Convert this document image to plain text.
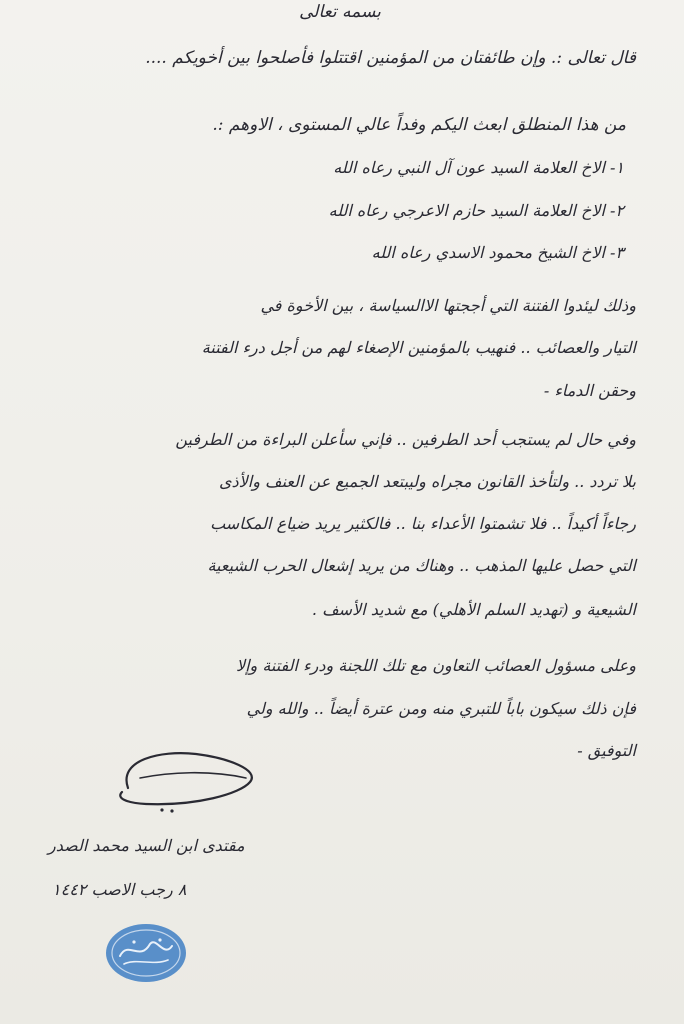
بسمه تعالى
قال تعالى :. وإن طائفتان من المؤمنين اقتتلوا فأصلحوا بين أخويكم ....
من هذا المنطلق ابعث اليكم وفداً عالي المستوى ، الاوهم :.
١- الاخ العلامة السيد عون آل النبي رعاه الله
٢- الاخ العلامة السيد حازم الاعرجي رعاه الله
٣- الاخ الشيخ محمود الاسدي رعاه الله
وذلك ليئدوا الفتنة التي أججتها الاالسياسة ، بين الأخوة في
التيار والعصائب .. فنهيب بالمؤمنين الإصغاء لهم من أجل درء الفتنة
وحقن الدماء -
وفي حال لم يستجب أحد الطرفين .. فإني سأعلن البراءة من الطرفين
بلا تردد .. ولتأخذ القانون مجراه وليبتعد الجميع عن العنف والأذى
رجاءاً أكيداً .. فلا تشمتوا الأعداء بنا .. فالكثير يريد ضياع المكاسب
التي حصل عليها المذهب .. وهناك من يريد إشعال الحرب الشيعية
الشيعية و (تهديد السلم الأهلي) مع شديد الأسف .
وعلى مسؤول العصائب التعاون مع تلك اللجنة ودرء الفتنة وإلا
فإن ذلك سيكون باباً للتبري منه ومن عترة أيضاً .. والله ولي
التوفيق -
مقتدى ابن السيد محمد الصدر
٨ رجب الاصب ١٤٤٢
